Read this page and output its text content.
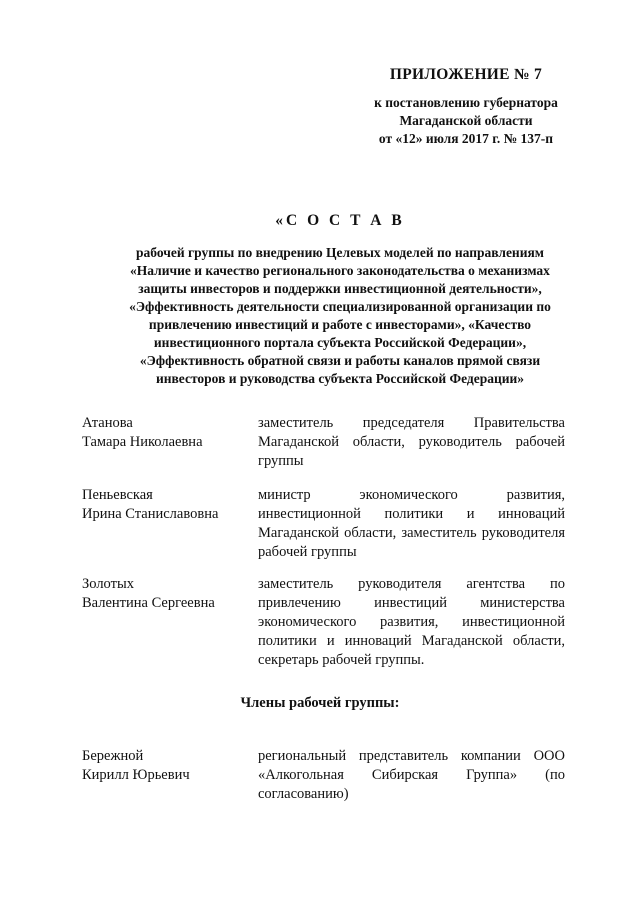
ПРИЛОЖЕНИЕ № 7
к постановлению губернатора
Магаданской области
от «12» июля 2017 г. № 137-п
«С О С Т А В
рабочей группы по внедрению Целевых моделей по направлениям
«Наличие и качество регионального законодательства о механизмах
защиты инвесторов и поддержки инвестиционной деятельности»,
«Эффективность деятельности специализированной организации по
привлечению инвестиций и работе с инвесторами», «Качество
инвестиционного портала субъекта Российской Федерации»,
«Эффективность обратной связи и работы каналов прямой связи
инвесторов и руководства субъекта Российской Федерации»
Атанова
Тамара Николаевна
заместитель председателя Правительства Магаданской области, руководитель рабочей группы
Пеньевская
Ирина Станиславовна
министр экономического развития, инвестиционной политики и инноваций Магаданской области, заместитель руководителя рабочей группы
Золотых
Валентина Сергеевна
заместитель руководителя агентства по привлечению инвестиций министерства экономического развития, инвестиционной политики и инноваций Магаданской области, секретарь рабочей группы.
Члены рабочей группы:
Бережной
Кирилл Юрьевич
региональный представитель компании ООО «Алкогольная Сибирская Группа» (по согласованию)
